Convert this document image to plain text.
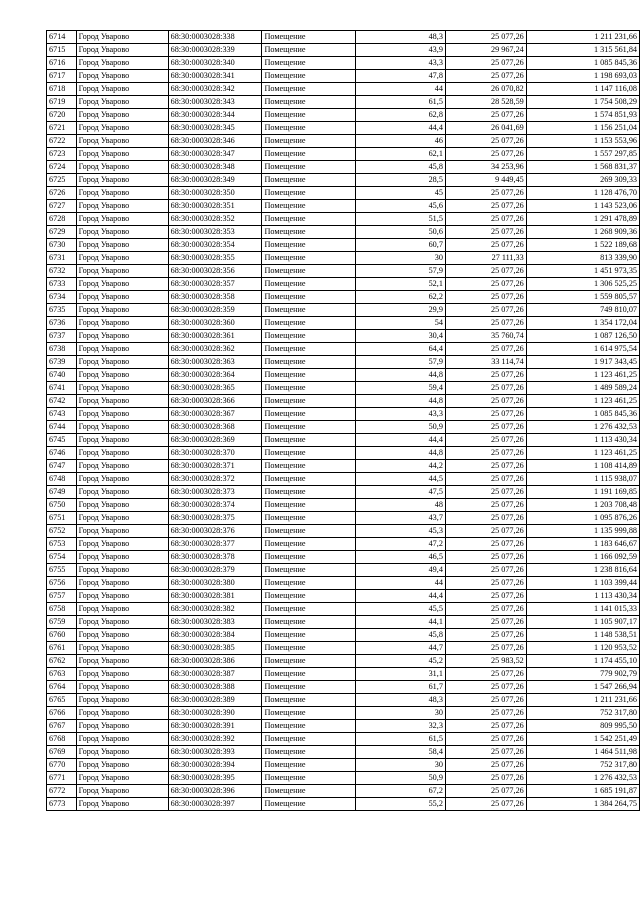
6714	Город Уварово	68:30:0003028:338	Помещение	48,3	25 077,26	1 211 231,66
6715	Город Уварово	68:30:0003028:339	Помещение	43,9	29 967,24	1 315 561,84
6716	Город Уварово	68:30:0003028:340	Помещение	43,3	25 077,26	1 085 845,36
6717	Город Уварово	68:30:0003028:341	Помещение	47,8	25 077,26	1 198 693,03
6718	Город Уварово	68:30:0003028:342	Помещение	44	26 070,82	1 147 116,08
6719	Город Уварово	68:30:0003028:343	Помещение	61,5	28 528,59	1 754 508,29
6720	Город Уварово	68:30:0003028:344	Помещение	62,8	25 077,26	1 574 851,93
6721	Город Уварово	68:30:0003028:345	Помещение	44,4	26 041,69	1 156 251,04
6722	Город Уварово	68:30:0003028:346	Помещение	46	25 077,26	1 153 553,96
6723	Город Уварово	68:30:0003028:347	Помещение	62,1	25 077,26	1 557 297,85
6724	Город Уварово	68:30:0003028:348	Помещение	45,8	34 253,96	1 568 831,37
6725	Город Уварово	68:30:0003028:349	Помещение	28,5	9 449,45	269 309,33
6726	Город Уварово	68:30:0003028:350	Помещение	45	25 077,26	1 128 476,70
6727	Город Уварово	68:30:0003028:351	Помещение	45,6	25 077,26	1 143 523,06
6728	Город Уварово	68:30:0003028:352	Помещение	51,5	25 077,26	1 291 478,89
6729	Город Уварово	68:30:0003028:353	Помещение	50,6	25 077,26	1 268 909,36
6730	Город Уварово	68:30:0003028:354	Помещение	60,7	25 077,26	1 522 189,68
6731	Город Уварово	68:30:0003028:355	Помещение	30	27 111,33	813 339,90
6732	Город Уварово	68:30:0003028:356	Помещение	57,9	25 077,26	1 451 973,35
6733	Город Уварово	68:30:0003028:357	Помещение	52,1	25 077,26	1 306 525,25
6734	Город Уварово	68:30:0003028:358	Помещение	62,2	25 077,26	1 559 805,57
6735	Город Уварово	68:30:0003028:359	Помещение	29,9	25 077,26	749 810,07
6736	Город Уварово	68:30:0003028:360	Помещение	54	25 077,26	1 354 172,04
6737	Город Уварово	68:30:0003028:361	Помещение	30,4	35 760,74	1 087 126,50
6738	Город Уварово	68:30:0003028:362	Помещение	64,4	25 077,26	1 614 975,54
6739	Город Уварово	68:30:0003028:363	Помещение	57,9	33 114,74	1 917 343,45
6740	Город Уварово	68:30:0003028:364	Помещение	44,8	25 077,26	1 123 461,25
6741	Город Уварово	68:30:0003028:365	Помещение	59,4	25 077,26	1 489 589,24
6742	Город Уварово	68:30:0003028:366	Помещение	44,8	25 077,26	1 123 461,25
6743	Город Уварово	68:30:0003028:367	Помещение	43,3	25 077,26	1 085 845,36
6744	Город Уварово	68:30:0003028:368	Помещение	50,9	25 077,26	1 276 432,53
6745	Город Уварово	68:30:0003028:369	Помещение	44,4	25 077,26	1 113 430,34
6746	Город Уварово	68:30:0003028:370	Помещение	44,8	25 077,26	1 123 461,25
6747	Город Уварово	68:30:0003028:371	Помещение	44,2	25 077,26	1 108 414,89
6748	Город Уварово	68:30:0003028:372	Помещение	44,5	25 077,26	1 115 938,07
6749	Город Уварово	68:30:0003028:373	Помещение	47,5	25 077,26	1 191 169,85
6750	Город Уварово	68:30:0003028:374	Помещение	48	25 077,26	1 203 708,48
6751	Город Уварово	68:30:0003028:375	Помещение	43,7	25 077,26	1 095 876,26
6752	Город Уварово	68:30:0003028:376	Помещение	45,3	25 077,26	1 135 999,88
6753	Город Уварово	68:30:0003028:377	Помещение	47,2	25 077,26	1 183 646,67
6754	Город Уварово	68:30:0003028:378	Помещение	46,5	25 077,26	1 166 092,59
6755	Город Уварово	68:30:0003028:379	Помещение	49,4	25 077,26	1 238 816,64
6756	Город Уварово	68:30:0003028:380	Помещение	44	25 077,26	1 103 399,44
6757	Город Уварово	68:30:0003028:381	Помещение	44,4	25 077,26	1 113 430,34
6758	Город Уварово	68:30:0003028:382	Помещение	45,5	25 077,26	1 141 015,33
6759	Город Уварово	68:30:0003028:383	Помещение	44,1	25 077,26	1 105 907,17
6760	Город Уварово	68:30:0003028:384	Помещение	45,8	25 077,26	1 148 538,51
6761	Город Уварово	68:30:0003028:385	Помещение	44,7	25 077,26	1 120 953,52
6762	Город Уварово	68:30:0003028:386	Помещение	45,2	25 983,52	1 174 455,10
6763	Город Уварово	68:30:0003028:387	Помещение	31,1	25 077,26	779 902,79
6764	Город Уварово	68:30:0003028:388	Помещение	61,7	25 077,26	1 547 266,94
6765	Город Уварово	68:30:0003028:389	Помещение	48,3	25 077,26	1 211 231,66
6766	Город Уварово	68:30:0003028:390	Помещение	30	25 077,26	752 317,80
6767	Город Уварово	68:30:0003028:391	Помещение	32,3	25 077,26	809 995,50
6768	Город Уварово	68:30:0003028:392	Помещение	61,5	25 077,26	1 542 251,49
6769	Город Уварово	68:30:0003028:393	Помещение	58,4	25 077,26	1 464 511,98
6770	Город Уварово	68:30:0003028:394	Помещение	30	25 077,26	752 317,80
6771	Город Уварово	68:30:0003028:395	Помещение	50,9	25 077,26	1 276 432,53
6772	Город Уварово	68:30:0003028:396	Помещение	67,2	25 077,26	1 685 191,87
6773	Город Уварово	68:30:0003028:397	Помещение	55,2	25 077,26	1 384 264,75
